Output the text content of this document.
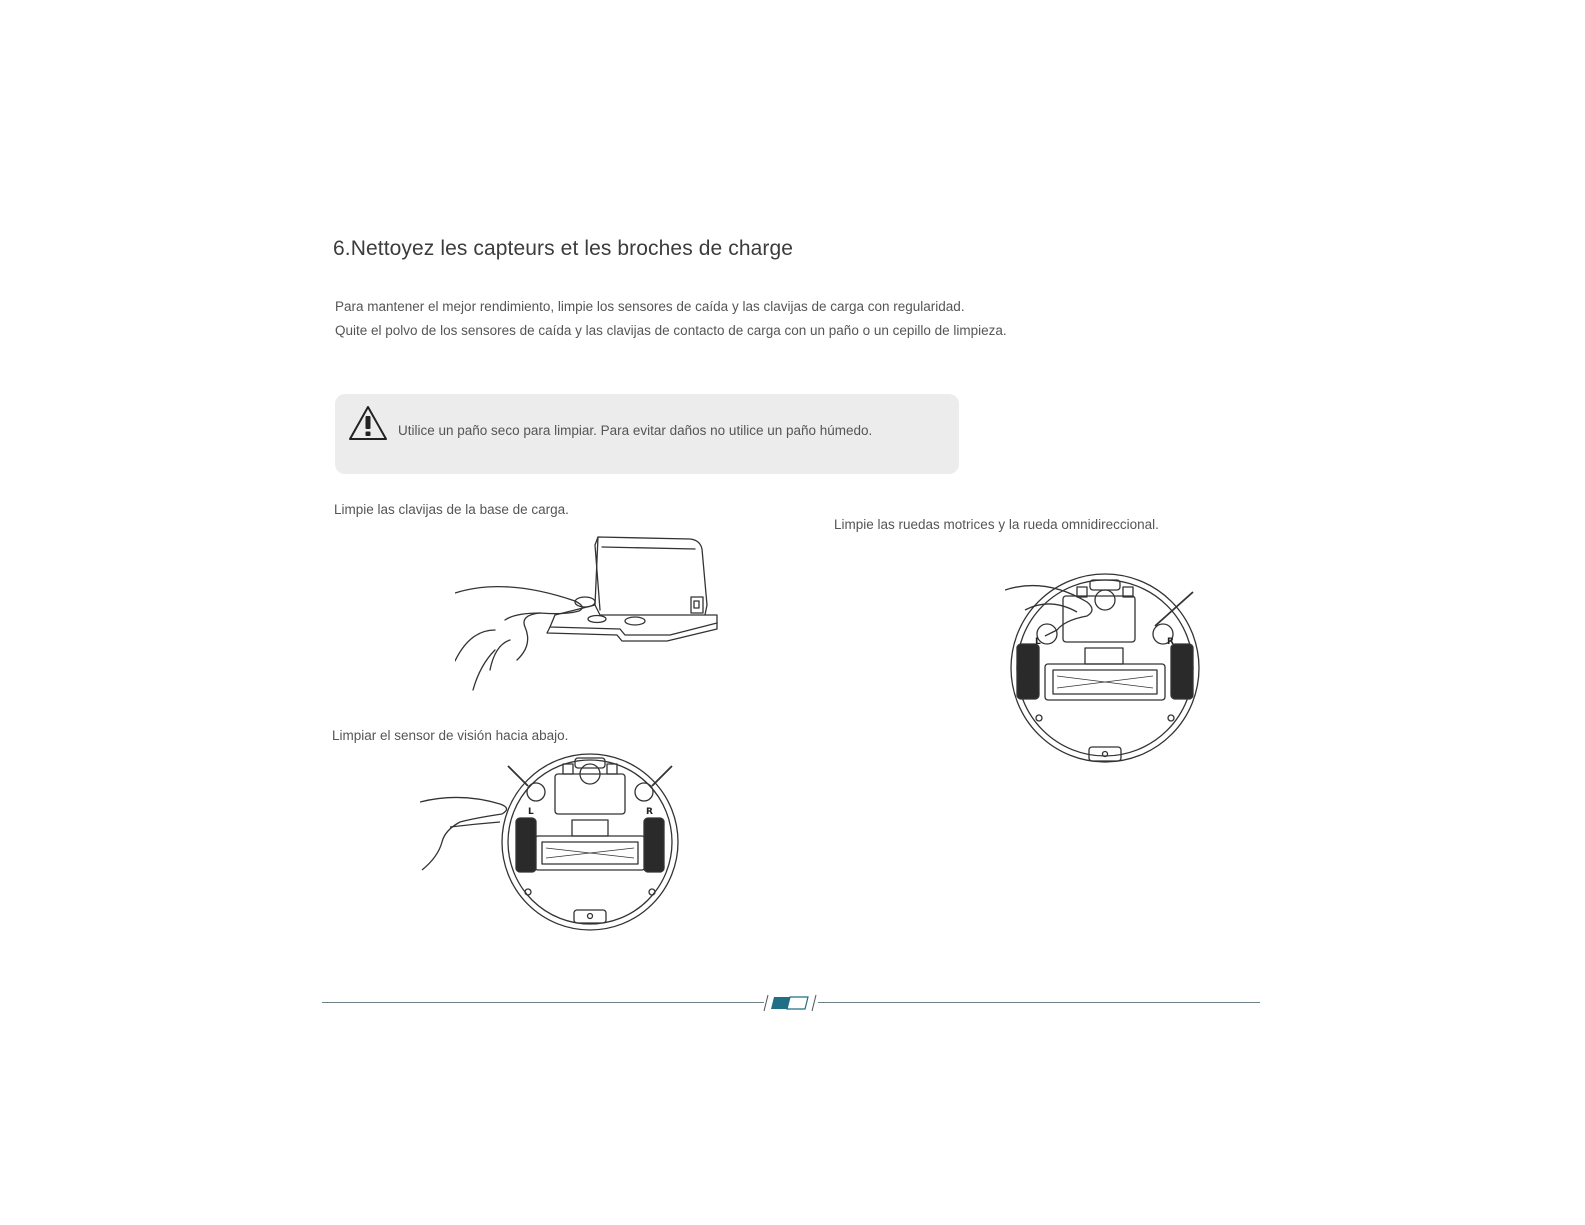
6.Nettoyez les capteurs et les broches de charge

Para mantener el mejor rendimiento, limpie los sensores de caída y las clavijas de carga con regularidad.

Quite el polvo de los sensores de caída y las clavijas de contacto de carga con un paño o un cepillo de limpieza.

Utilice un paño seco para limpiar. Para evitar daños no utilice un paño húmedo.

Limpie las clavijas de la base de carga.

Limpie las ruedas motrices y la rueda omnidireccional.

Limpiar el sensor de visión hacia abajo.

L	R
L	R
